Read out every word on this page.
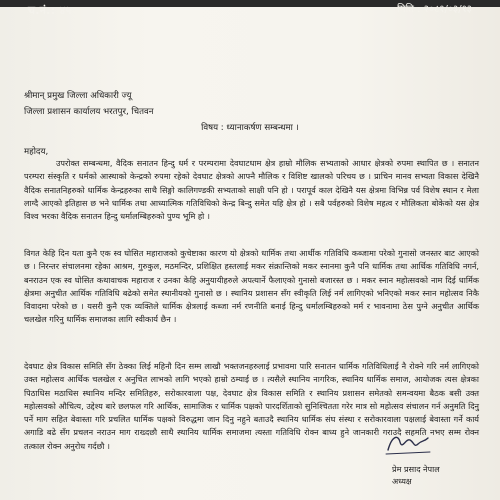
च.नं.: ४५	मिति : २०८१/०३/१३
श्रीमान् प्रमुख जिल्ला अधिकारी ज्यू
जिल्ला प्रशासन कार्यालय भरतपुर, चितवन
विषय : ध्यानाकर्षण सम्बन्धमा ।
महोदय,

उपरोक्त सम्बन्धमा, वैदिक सनातन हिन्दु धर्म र परम्परामा देवघाटधाम क्षेत्र हाम्रो मौलिक सभ्यताको आधार क्षेत्रको रुपमा स्थापित छ । सनातन परम्परा संस्कृति र धर्मको आस्थाको केन्द्रको रुपमा रहेको देवघाट क्षेत्रको आफ्नै मौलिक र विशिष्ट खालको परिचय छ । प्राचिन मानव सभ्यता विकास देखिनै वैदिक सनातनिहरुको धार्मिक केन्द्रहरुका साथै सिङ्गो कालिगण्डकी सभ्यताको साक्षी पनि हो । परापूर्व काल देखिनै यस क्षेत्रमा विभिन्न पर्व विशेष स्थान र मेला लाग्दै आएको इतिहास छ भने धार्मिक तथा आध्यात्मिक गतिविधिको केन्द्र बिन्दु समेत यहि क्षेत्र हो । सबै पर्वहरुको विशेष महत्व र मौलिकता बोकेको यस क्षेत्र विश्व भरका वैदिक सनातन हिन्दु धर्मालम्बिहरुको पुण्य भूमि हो ।

विगत केहि दिन यता कुनै एक स्व घोसित महाराजको कुचेष्टाका कारण यो क्षेत्रको धार्मिक तथा आर्थीक गतिविधि कब्जामा परेको गुनासो जनस्तर बाट आएको छ । निरन्तर संचालनमा रहेका आश्रम, गुरुकुल, मठमन्दिर, प्रशिक्षित हस्तलाई मकर संक्रान्तिको मकर स्नानमा कुनै पनि धार्मिक तथा आर्थिक गतिविधि नगर्न, बनराउन एक स्व घोसित कथावाचक महाराज र उनका केहि अनुयायीहरुले अपत्यार्ने फैलाएको गुनासो बजारस्त छ । मकर स्नान महोत्सवको नाम दिई धार्मिक क्षेत्रमा अनुचीत आर्थिक गतिविधि बढेको समेत स्थानीयको गुनासो छ । स्थानिय प्रशासन सँग स्वीकृति लिई नर्म लागिएको भनिएको मकर स्नान महोत्सव निकै विवादमा परेको छ । यसरी कुनै एक व्यक्तिले धार्मिक क्षेत्रलाई कब्जा नर्म रणनीति बनाई हिन्दु धर्मालम्बिहरुको मर्म र भावनामा ठेस पुग्ने अनुचीत आर्थिक चलखेल गरिनु धार्मिक समाजका लागि स्वीकार्य छैन ।

देवघाट क्षेत्र विकास समिति सँग ठेक्का लिई महिनौ दिन सम्म लाखौ भक्तजनहरुलाई प्रभावमा पारि सनातन धार्मिक गतिविधिलाई नै रोक्ने गरि नर्म लागिएको उक्त महोत्सव आर्थिक चलखेल र अनुचित लाभको लागि भएको हाम्रो ठम्याई छ । त्यसैले स्थानिय नागरिक, स्थानिय धार्मिक समाज, आयोजक त्यस क्षेत्रका पिठाधिस मठाधिस स्थानिय मन्दिर समितिहरु, सरोकारवाला पक्ष, देवघाट क्षेत्र विकास समिति र स्थानिय प्रशासन समेतको समन्वयमा बैठक बसी उक्त महोत्सवको औचित्य, उद्देश्य बारे छलफल गरि आर्थिक, सामाजिक र धार्मिक पक्षको पारदर्शिताको सुनिश्चितता गरेर मात्र सो महोत्सव संचालन गर्न अनुमति दिनु पर्ने माग सहित बेवास्ता गरि प्रचलित धार्मिक पक्षको विरुद्धमा जान दिनु नहुने बताउदै स्थानिय धार्मिक संघ संस्था र सरोकारवाला पक्षलाई बेवास्ता गर्ने कार्य अगाडि बढे सँग प्रचलन नराउन माग राख्दछौ साथै स्थानिय धार्मिक समाजमा त्यस्ता गतिविधि रोक्न बाध्य हुने जानकारी गराउदै सहमति नभए सम्म रोक्न तत्काल रोक्न अनुरोध गर्दछौ ।

प्रेम प्रसाद नेपाल
अध्यक्ष
